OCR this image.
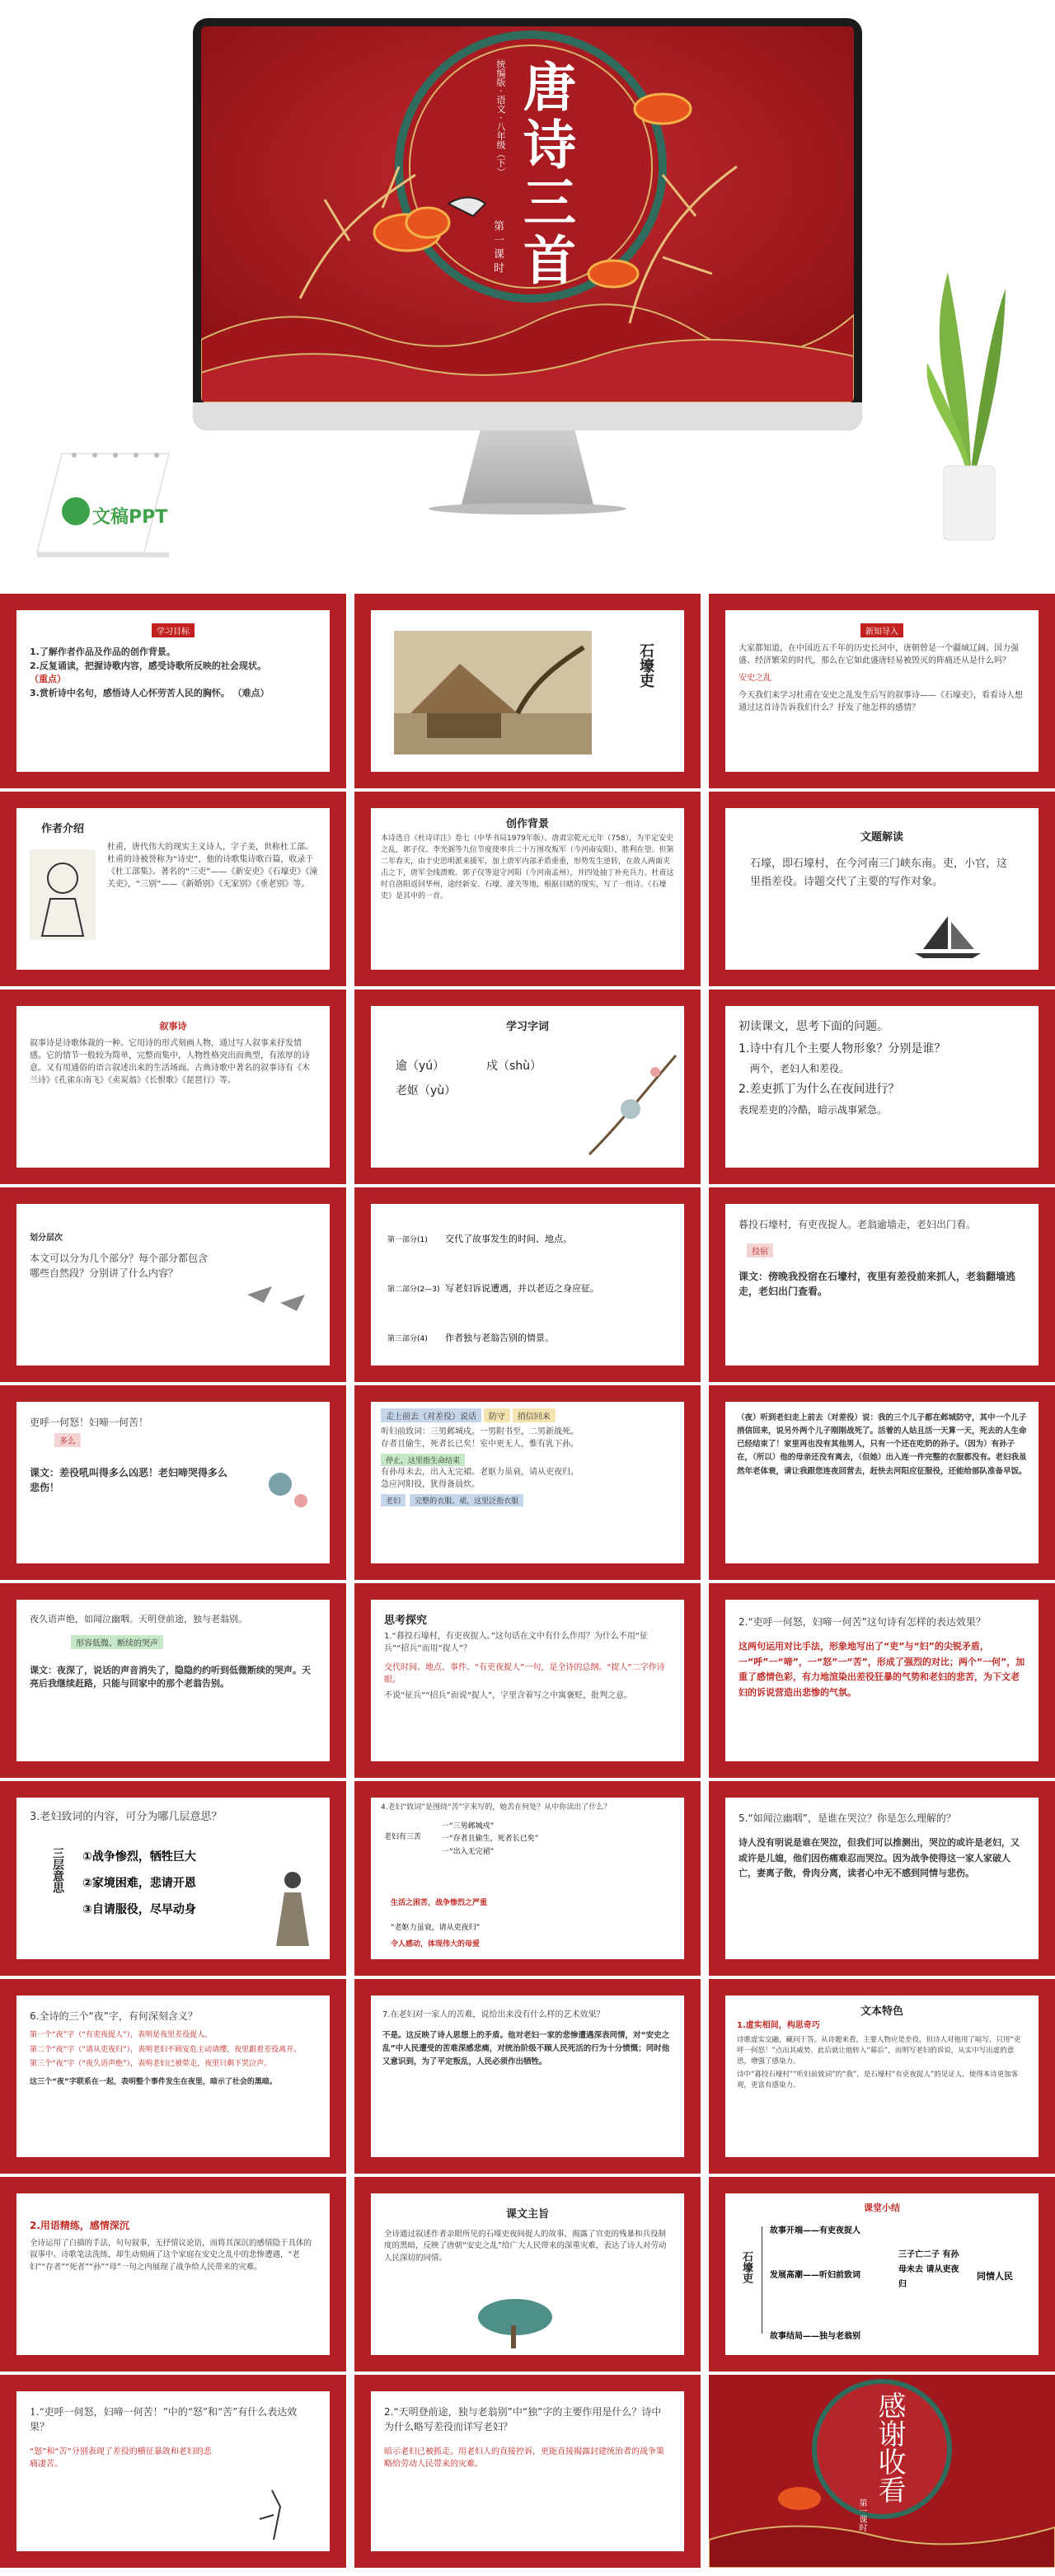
唐诗三首
统编版 · 语文 · 八年级（下）
第一课时
文稿PPT
学习目标
1.了解作者作品及作品的创作背景。
2.反复诵读，把握诗歌内容，感受诗歌所反映的社会现状。
（重点）
3.赏析诗中名句，感悟诗人心怀劳苦人民的胸怀。 （难点）
石壕吏
新知导入
大家都知道，在中国近五千年的历史长河中，唐朝曾是一个疆域辽阔、国力强盛、经济繁荣的时代，那么在它如此盛唐轻易被毁灭的阵痛还从是什么吗？
安史之乱
今天我们来学习杜甫在安史之乱发生后写的叙事诗——《石壕吏》，看看诗人想通过这首诗告诉我们什么？抒发了他怎样的感情？
作者介绍
杜甫，唐代伟大的现实主义诗人，字子美，世称杜工部。杜甫的诗被誉称为“诗史”，他的诗歌集诗歌百篇，收录于《杜工部集》。著名的“三吏”——《新安吏》《石壕吏》《潼关吏》，“三别”——《新婚别》《无家别》《垂老别》等。
创作背景
本诗选自《杜诗详注》卷七（中华书局1979年版）。唐肃宗乾元元年（758），为平定安史之乱，郭子仪、李光弼等九位节度使率兵二十万围攻叛军（今河南安阳），胜利在望。但第二年春天，由于史思明派来援军，加上唐军内部矛盾重重，形势发生逆转，在敌人两面夹击之下，唐军全线溃败。郭子仪等退守河阳（今河南孟州），并四处抽丁补充兵力。杜甫这时自洛阳返回华州，途经新安、石壕、潼关等地，根据目睹的现实，写了一组诗。《石壕吏》是其中的一首。
文题解读
石壕，即石壕村，在今河南三门峡东南。吏，小官，这里指差役。诗题交代了主要的写作对象。
叙事诗
叙事诗是诗歌体裁的一种。它用诗的形式刻画人物，通过写人叙事来抒发情感。它的情节一般较为简单，完整而集中，人物性格突出而典型，有浓厚的诗意。又有用通俗的语言叙述出来的生活场面。古典诗歌中著名的叙事诗有《木兰诗》《孔雀东南飞》《卖炭翁》《长恨歌》《琵琶行》等。
学习字词
逾（yú）	戍（shù）
老妪（yù）
初读课文，思考下面的问题。
1.诗中有几个主要人物形象？分别是谁？
两个，老妇人和差役。
2.差吏抓丁为什么在夜间进行？
表现差吏的冷酷，暗示战事紧急。
划分层次
本文可以分为几个部分？每个部分都包含
哪些自然段？分别讲了什么内容？
第一部分(1) 交代了故事发生的时间、地点。
第二部分(2—3) 写老妇诉说遭遇，并以老迈之身应征。
第三部分(4) 作者独与老翁告别的情景。
暮投石壕村，有吏夜捉人。老翁逾墙走，老妇出门看。
投宿
课文：傍晚我投宿在石壕村，夜里有差役前来抓人，老翁翻墙逃走，老妇出门查看。
吏呼一何怒！妇啼一何苦！
多么
课文：差役吼叫得多么凶恶！老妇啼哭得多么悲伤！
走上前去（对差役）说话 防守 捎信回来
听妇前致词：三男邺城戍。一男附书至，二男新战死。
存者且偷生，死者长已矣！室中更无人，惟有乳下孙。
停止，这里指生命结束
有孙母未去，出入无完裙。老妪力虽衰，请从吏夜归。
急应河阳役，犹得备晨炊。
老妇 完整的衣服。裙，这里泛指衣服
（夜）听到老妇走上前去（对差役）说：我的三个儿子都在邺城防守，其中一个儿子捎信回来，说另外两个儿子刚刚战死了。活着的人姑且活一天算一天，死去的人生命已经结束了！家里再也没有其他男人，只有一个还在吃奶的孙子。（因为）有孙子在，（所以）他的母亲还没有离去，（但她）出入连一件完整的衣服都没有。老妇我虽然年老体衰，请让我跟您连夜回营去，赶快去河阳应征服役，还能给部队准备早饭。
夜久语声绝，如闻泣幽咽。天明登前途，独与老翁别。
形容低微、断续的哭声
课文：夜深了，说话的声音消失了，隐隐约约听到低微断续的哭声。天亮后我继续赶路，只能与回家中的那个老翁告别。
思考探究
1.“暮投石壕村，有吏夜捉人。”这句话在文中有什么作用？为什么不用“征兵”“招兵”而用“捉人”？
交代时间、地点、事件。“有吏夜捉人”一句，是全诗的总纲。“捉人”二字作诗眼。
不说“征兵”“招兵”而说“捉人”，字里含着写之中寓褒贬，批判之意。
2.“吏呼一何怒，妇啼一何苦”这句诗有怎样的表达效果？
这两句运用对比手法，形象地写出了“吏”与“妇”的尖锐矛盾，一“呼”一“啼”，一“怒”一“苦”，形成了强烈的对比；两个“一何”，加重了感情色彩，有力地渲染出差役狂暴的气势和老妇的悲苦，为下文老妇的诉说营造出悲惨的气氛。
3.老妇致词的内容，可分为哪几层意思？
三层意思 ①战争惨烈，牺牲巨大
②家境困难，悲请开恩
③自请服役，尽早动身
4.老妇“致词”是围绕“苦”字来写的，她苦在何处？从中你读出了什么？
老妇有三苦
一“三男邺城戍”
一“存者且偷生，死者长已矣”
一“出入无完裙”
生活之困苦，战争惨烈之严重
“老妪力虽衰，请从吏夜归”
令人感动，体现伟大的母爱
5.“如闻泣幽咽”，是谁在哭泣？你是怎么理解的？
诗人没有明说是谁在哭泣，但我们可以推测出，哭泣的或许是老妇，又或许是儿媳，他们因伤痛难忍而哭泣。因为战争使得这一家人家破人亡，妻离子散，骨肉分离，读者心中无不感到同情与悲伤。
6.全诗的三个“夜”字，有何深刻含义？
第一个“夜”字（“有吏夜捉人”），表明是夜里差役捉人。
第二个“夜”字（“请从吏夜归”），表明老妇不顾安危主动请缨，夜里跟着差役离开。
第三个“夜”字（“夜久语声绝”），表明老妇已被带走，夜里只剩下哭泣声。
这三个“夜”字联系在一起，表明整个事件发生在夜里，暗示了社会的黑暗。
7.在老妇对一家人的苦难，说给出来没有什么样的艺术效果？
不是。这反映了诗人思想上的矛盾。他对老妇一家的悲惨遭遇深表同情，对“安史之乱”中人民遭受的苦难深感悲痛，对统治阶级不顾人民死活的行为十分愤慨；同时他又意识到，为了平定叛乱，人民必须作出牺牲。
文本特色
1.虚实相间，构思奇巧
诗歌虚实交融，藏问于答。从诗题来看，主要人物应是差役，但诗人对他用了暗写，只用“吏呼一何怒！”点出其威势。此后就让他转入“幕后”，而明写老妇的诉说，从实中写出虚的意思，增强了感染力。
诗中“暮投石壕村”“听妇前致词”的“我”，是石壕村“有吏夜捉人”的见证人，使得本诗更加客观，更富有感染力。
2.用语精练，感情深沉
全诗运用了白描的手法，句句叙事，无抒情议论语，而将其深沉的感情隐于具体的叙事中。诗歌笔法洗练，却生动刻画了这个家庭在安史之乱中的悲惨遭遇，“老妇”“存者”“死者”“孙”“母”一句之内展现了战争给人民带来的灾难。
课文主旨
全诗通过叙述作者亲眼所见的石壕吏夜间捉人的故事，揭露了官吏的残暴和兵役制度的黑暗，反映了唐朝“安史之乱”给广大人民带来的深重灾难，表达了诗人对劳动人民深切的同情。
课堂小结
石壕吏
故事开端——有吏夜捉人
发展高潮——听妇前致词
三子亡二子 有孙母未去 请从吏夜归
同情人民
故事结局——独与老翁别
1.“吏呼一何怒，妇啼一何苦！”中的“怒”和“苦”有什么表达效果？
“怒”和“苦”分别表现了差役的横征暴敛和老妇的悲痛凄苦。
2.“天明登前途，独与老翁别”中“独”字的主要作用是什么？诗中为什么略写差役而详写老妇？
暗示老妇已被抓走。用老妇人的直接控诉，更能直接揭露封建统治者的战争策略给劳动人民带来的灾难。	感谢收看
第一课时
